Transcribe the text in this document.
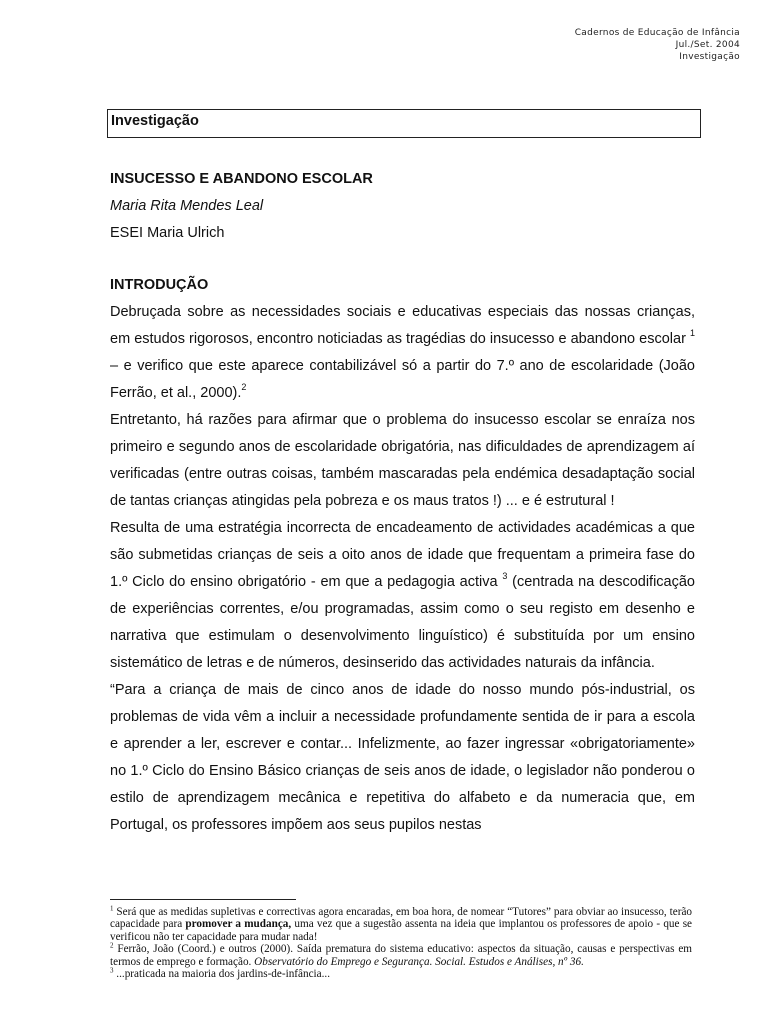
Cadernos de Educação de Infância
Jul./Set. 2004
Investigação
Investigação
INSUCESSO E ABANDONO ESCOLAR
Maria Rita Mendes Leal
ESEI Maria Ulrich

INTRODUÇÃO

Debruçada sobre as necessidades sociais e educativas especiais das nossas crianças, em estudos rigorosos, encontro noticiadas as tragédias do insucesso e abandono escolar $^1$ – e verifico que este aparece contabilizável só a partir do 7.º ano de escolaridade (João Ferrão, et al., 2000).$^2$

Entretanto, há razões para afirmar que o problema do insucesso escolar se enraíza nos primeiro e segundo anos de escolaridade obrigatória, nas dificuldades de aprendizagem aí verificadas (entre outras coisas, também mascaradas pela endémica desadaptação social de tantas crianças atingidas pela pobreza e os maus tratos !) ... e é estrutural !

Resulta de uma estratégia incorrecta de encadeamento de actividades académicas a que são submetidas crianças de seis a oito anos de idade que frequentam a primeira fase do 1.º Ciclo do ensino obrigatório - em que a pedagogia activa $^3$ (centrada na descodificação de experiências correntes, e/ou programadas, assim como o seu registo em desenho e narrativa que estimulam o desenvolvimento linguístico) é substituída por um ensino sistemático de letras e de números, desinserido das actividades naturais da infância.

“Para a criança de mais de cinco anos de idade do nosso mundo pós-industrial, os problemas de vida vêm a incluir a necessidade profundamente sentida de ir para a escola e aprender a ler, escrever e contar... Infelizmente, ao fazer ingressar «obrigatoriamente» no 1.º Ciclo do Ensino Básico crianças de seis anos de idade, o legislador não ponderou o estilo de aprendizagem mecânica e repetitiva do alfabeto e da numeracia que, em Portugal, os professores impõem aos seus pupilos nestas

$^1$ Será que as medidas supletivas e correctivas agora encaradas, em boa hora, de nomear “Tutores” para obviar ao insucesso, terão capacidade para promover a mudança, uma vez que a sugestão assenta na ideia que implantou os professores de apoio - que se verificou não ter capacidade para mudar nada!

$^2$ Ferrão, João (Coord.) e outros (2000). Saída prematura do sistema educativo: aspectos da situação, causas e perspectivas em termos de emprego e formação. Observatório do Emprego e Segurança. Social. Estudos e Análises, nº 36.

$^3$ ...praticada na maioria dos jardins-de-infância...
